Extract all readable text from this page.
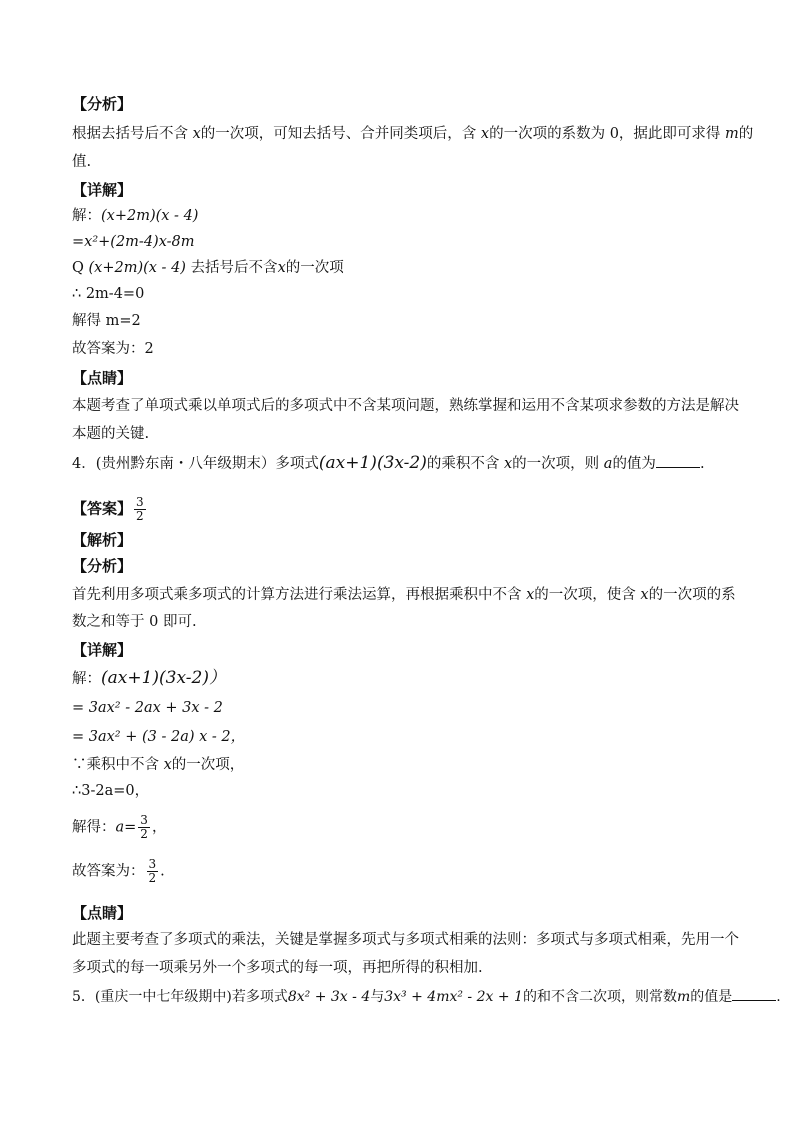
【分析】
根据去括号后不含 x的一次项，可知去括号、合并同类项后，含 x的一次项的系数为 0，据此即可求得 m的
值.
【详解】
解：(x+2m)(x - 4)
=x²+(2m-4)x-8m
Q (x+2m)(x - 4) 去括号后不含x的一次项
∴ 2m-4=0
解得 m=2
故答案为：2
【点睛】
本题考查了单项式乘以单项式后的多项式中不含某项问题，熟练掌握和运用不含某项求参数的方法是解决
本题的关键.
4．(贵州黔东南・八年级期末）多项式(ax+1)(3x-2)的乘积不含 x的一次项，则 a的值为	.
【答案】 $\frac{3}{2}$
【解析】
【分析】
首先利用多项式乘多项式的计算方法进行乘法运算，再根据乘积中不含 x的一次项，使含 x的一次项的系
数之和等于 0 即可.
【详解】
解：(ax+1)(3x-2)）
= 3ax² - 2ax + 3x - 2
= 3ax² + (3 - 2a) x - 2，
∵乘积中不含 x的一次项，
∴3-2a=0，
解得：$a= \frac{3}{2}$ ，
故答案为： $\frac{3}{2}$ .
【点睛】
此题主要考查了多项式的乘法，关键是掌握多项式与多项式相乘的法则：多项式与多项式相乘，先用一个
多项式的每一项乘另外一个多项式的每一项，再把所得的积相加.
5．(重庆一中七年级期中)若多项式8x² + 3x - 4与3x³ + 4mx² - 2x + 1的和不含二次项，则常数m的值是	.
